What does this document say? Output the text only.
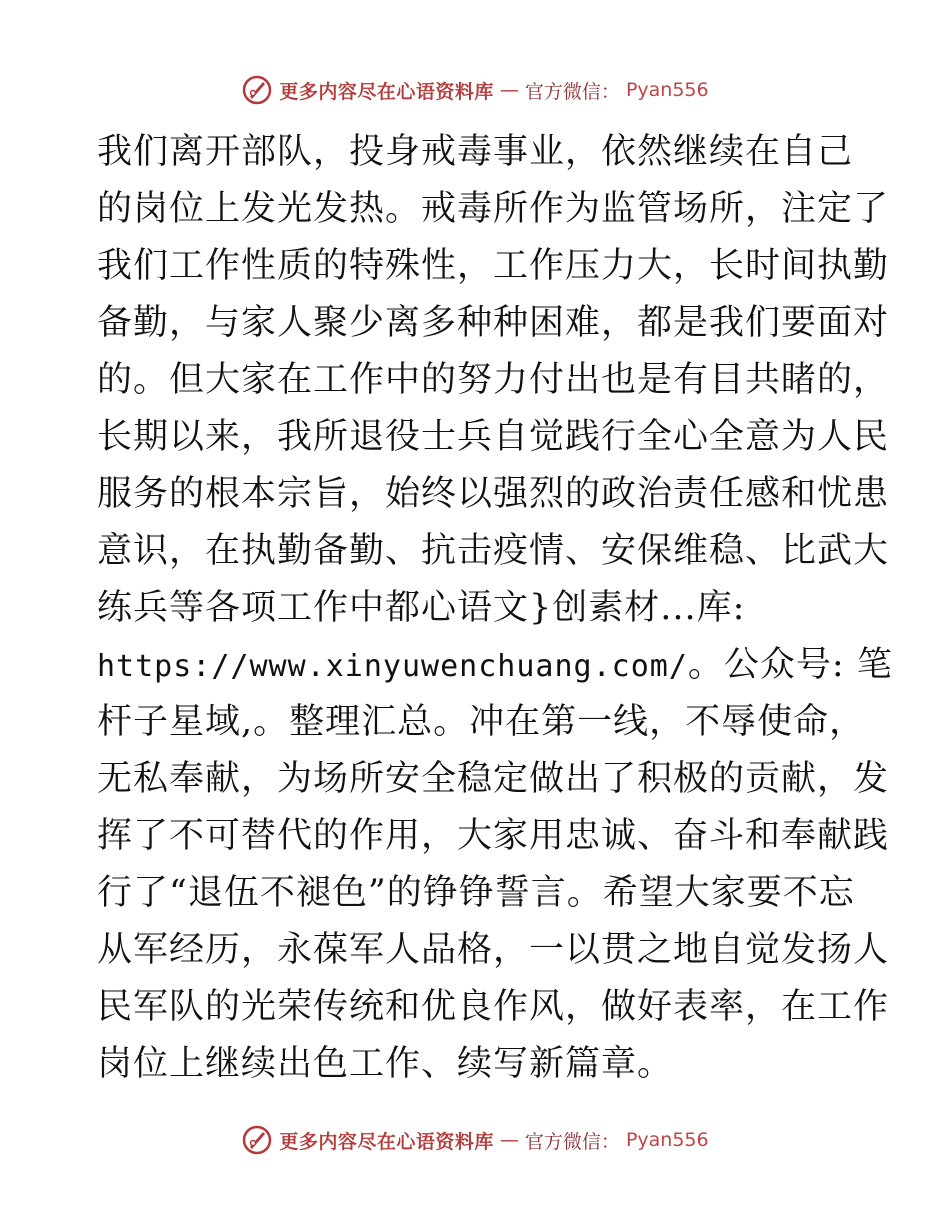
更多内容尽在心语资料库 — 官方微信： Pyan556
我们离开部队，投身戒毒事业，依然继续在自己
的岗位上发光发热。戒毒所作为监管场所，注定了
我们工作性质的特殊性，工作压力大，长时间执勤
备勤，与家人聚少离多种种困难，都是我们要面对
的。但大家在工作中的努力付出也是有目共睹的，
长期以来，我所退役士兵自觉践行全心全意为人民
服务的根本宗旨，始终以强烈的政治责任感和忧患
意识，在执勤备勤、抗击疫情、安保维稳、比武大
练兵等各项工作中都心语文}创素材...库:
https://www.xinyuwenchuang.com/。公众号: 笔
杆子星域,。整理汇总。冲在第一线，不辱使命，
无私奉献，为场所安全稳定做出了积极的贡献，发
挥了不可替代的作用，大家用忠诚、奋斗和奉献践
行了“退伍不褪色”的铮铮誓言。希望大家要不忘
从军经历，永葆军人品格，一以贯之地自觉发扬人
民军队的光荣传统和优良作风，做好表率，在工作
岗位上继续出色工作、续写新篇章。
更多内容尽在心语资料库 — 官方微信： Pyan556
